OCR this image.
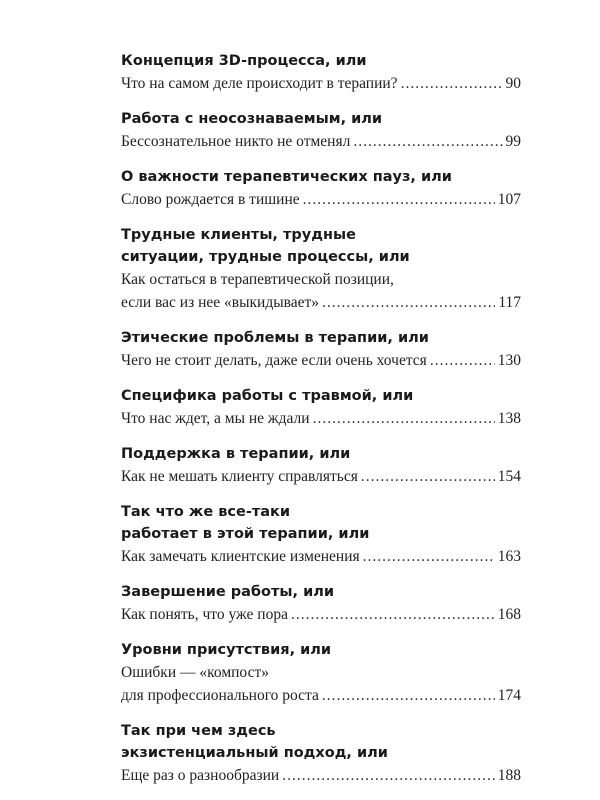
Концепция 3D-процесса, или
Что на самом деле происходит в терапии? .....	90
Работа с неосознаваемым, или
Бессознательное никто не отменял .....	99
О важности терапевтических пауз, или
Слово рождается в тишине .....	107
Трудные клиенты, трудные
ситуации, трудные процессы, или
Как остаться в терапевтической позиции,
если вас из нее «выкидывает» .....	117
Этические проблемы в терапии, или
Чего не стоит делать, даже если очень хочется .....	130
Специфика работы с травмой, или
Что нас ждет, а мы не ждали .....	138
Поддержка в терапии, или
Как не мешать клиенту справляться .....	154
Так что же все-таки
работает в этой терапии, или
Как замечать клиентские изменения .....	163
Завершение работы, или
Как понять, что уже пора .....	168
Уровни присутствия, или
Ошибки — «компост»
для профессионального роста .....	174
Так при чем здесь
экзистенциальный подход, или
Еще раз о разнообразии .....	188
